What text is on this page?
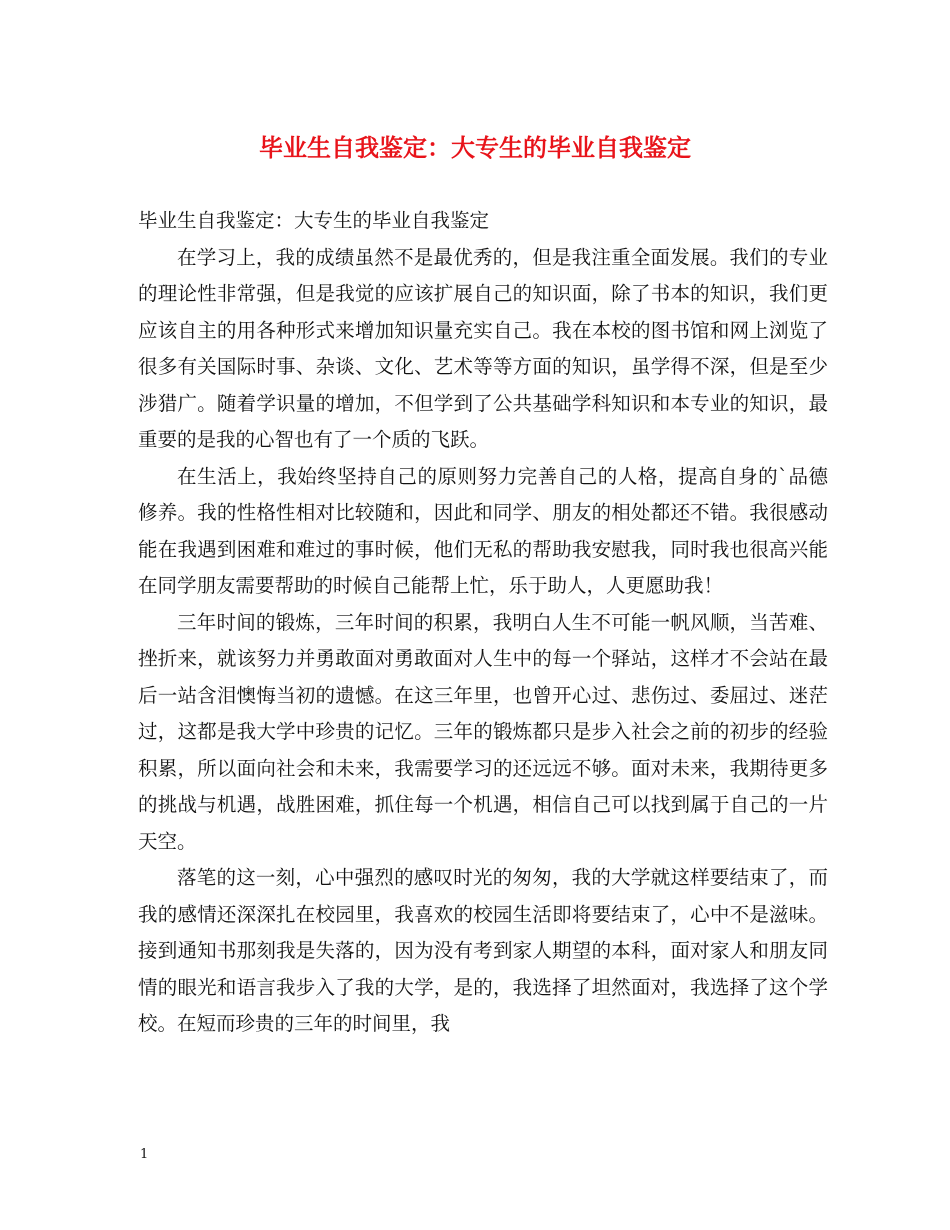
毕业生自我鉴定：大专生的毕业自我鉴定

毕业生自我鉴定：大专生的毕业自我鉴定

在学习上，我的成绩虽然不是最优秀的，但是我注重全面发展。我们的专业的理论性非常强，但是我觉的应该扩展自己的知识面，除了书本的知识，我们更应该自主的用各种形式来增加知识量充实自己。我在本校的图书馆和网上浏览了很多有关国际时事、杂谈、文化、艺术等等方面的知识，虽学得不深，但是至少涉猎广。随着学识量的增加，不但学到了公共基础学科知识和本专业的知识，最重要的是我的心智也有了一个质的飞跃。

在生活上，我始终坚持自己的原则努力完善自己的人格，提高自身的`品德修养。我的性格性相对比较随和，因此和同学、朋友的相处都还不错。我很感动能在我遇到困难和难过的事时候，他们无私的帮助我安慰我，同时我也很高兴能在同学朋友需要帮助的时候自己能帮上忙，乐于助人，人更愿助我！

三年时间的锻炼，三年时间的积累，我明白人生不可能一帆风顺，当苦难、挫折来，就该努力并勇敢面对勇敢面对人生中的每一个驿站，这样才不会站在最后一站含泪懊悔当初的遗憾。在这三年里，也曾开心过、悲伤过、委屈过、迷茫过，这都是我大学中珍贵的记忆。三年的锻炼都只是步入社会之前的初步的经验积累，所以面向社会和未来，我需要学习的还远远不够。面对未来，我期待更多的挑战与机遇，战胜困难，抓住每一个机遇，相信自己可以找到属于自己的一片天空。

落笔的这一刻，心中强烈的感叹时光的匆匆，我的大学就这样要结束了，而我的感情还深深扎在校园里，我喜欢的校园生活即将要结束了，心中不是滋味。接到通知书那刻我是失落的，因为没有考到家人期望的本科，面对家人和朋友同情的眼光和语言我步入了我的大学，是的，我选择了坦然面对，我选择了这个学校。在短而珍贵的三年的时间里，我

1
